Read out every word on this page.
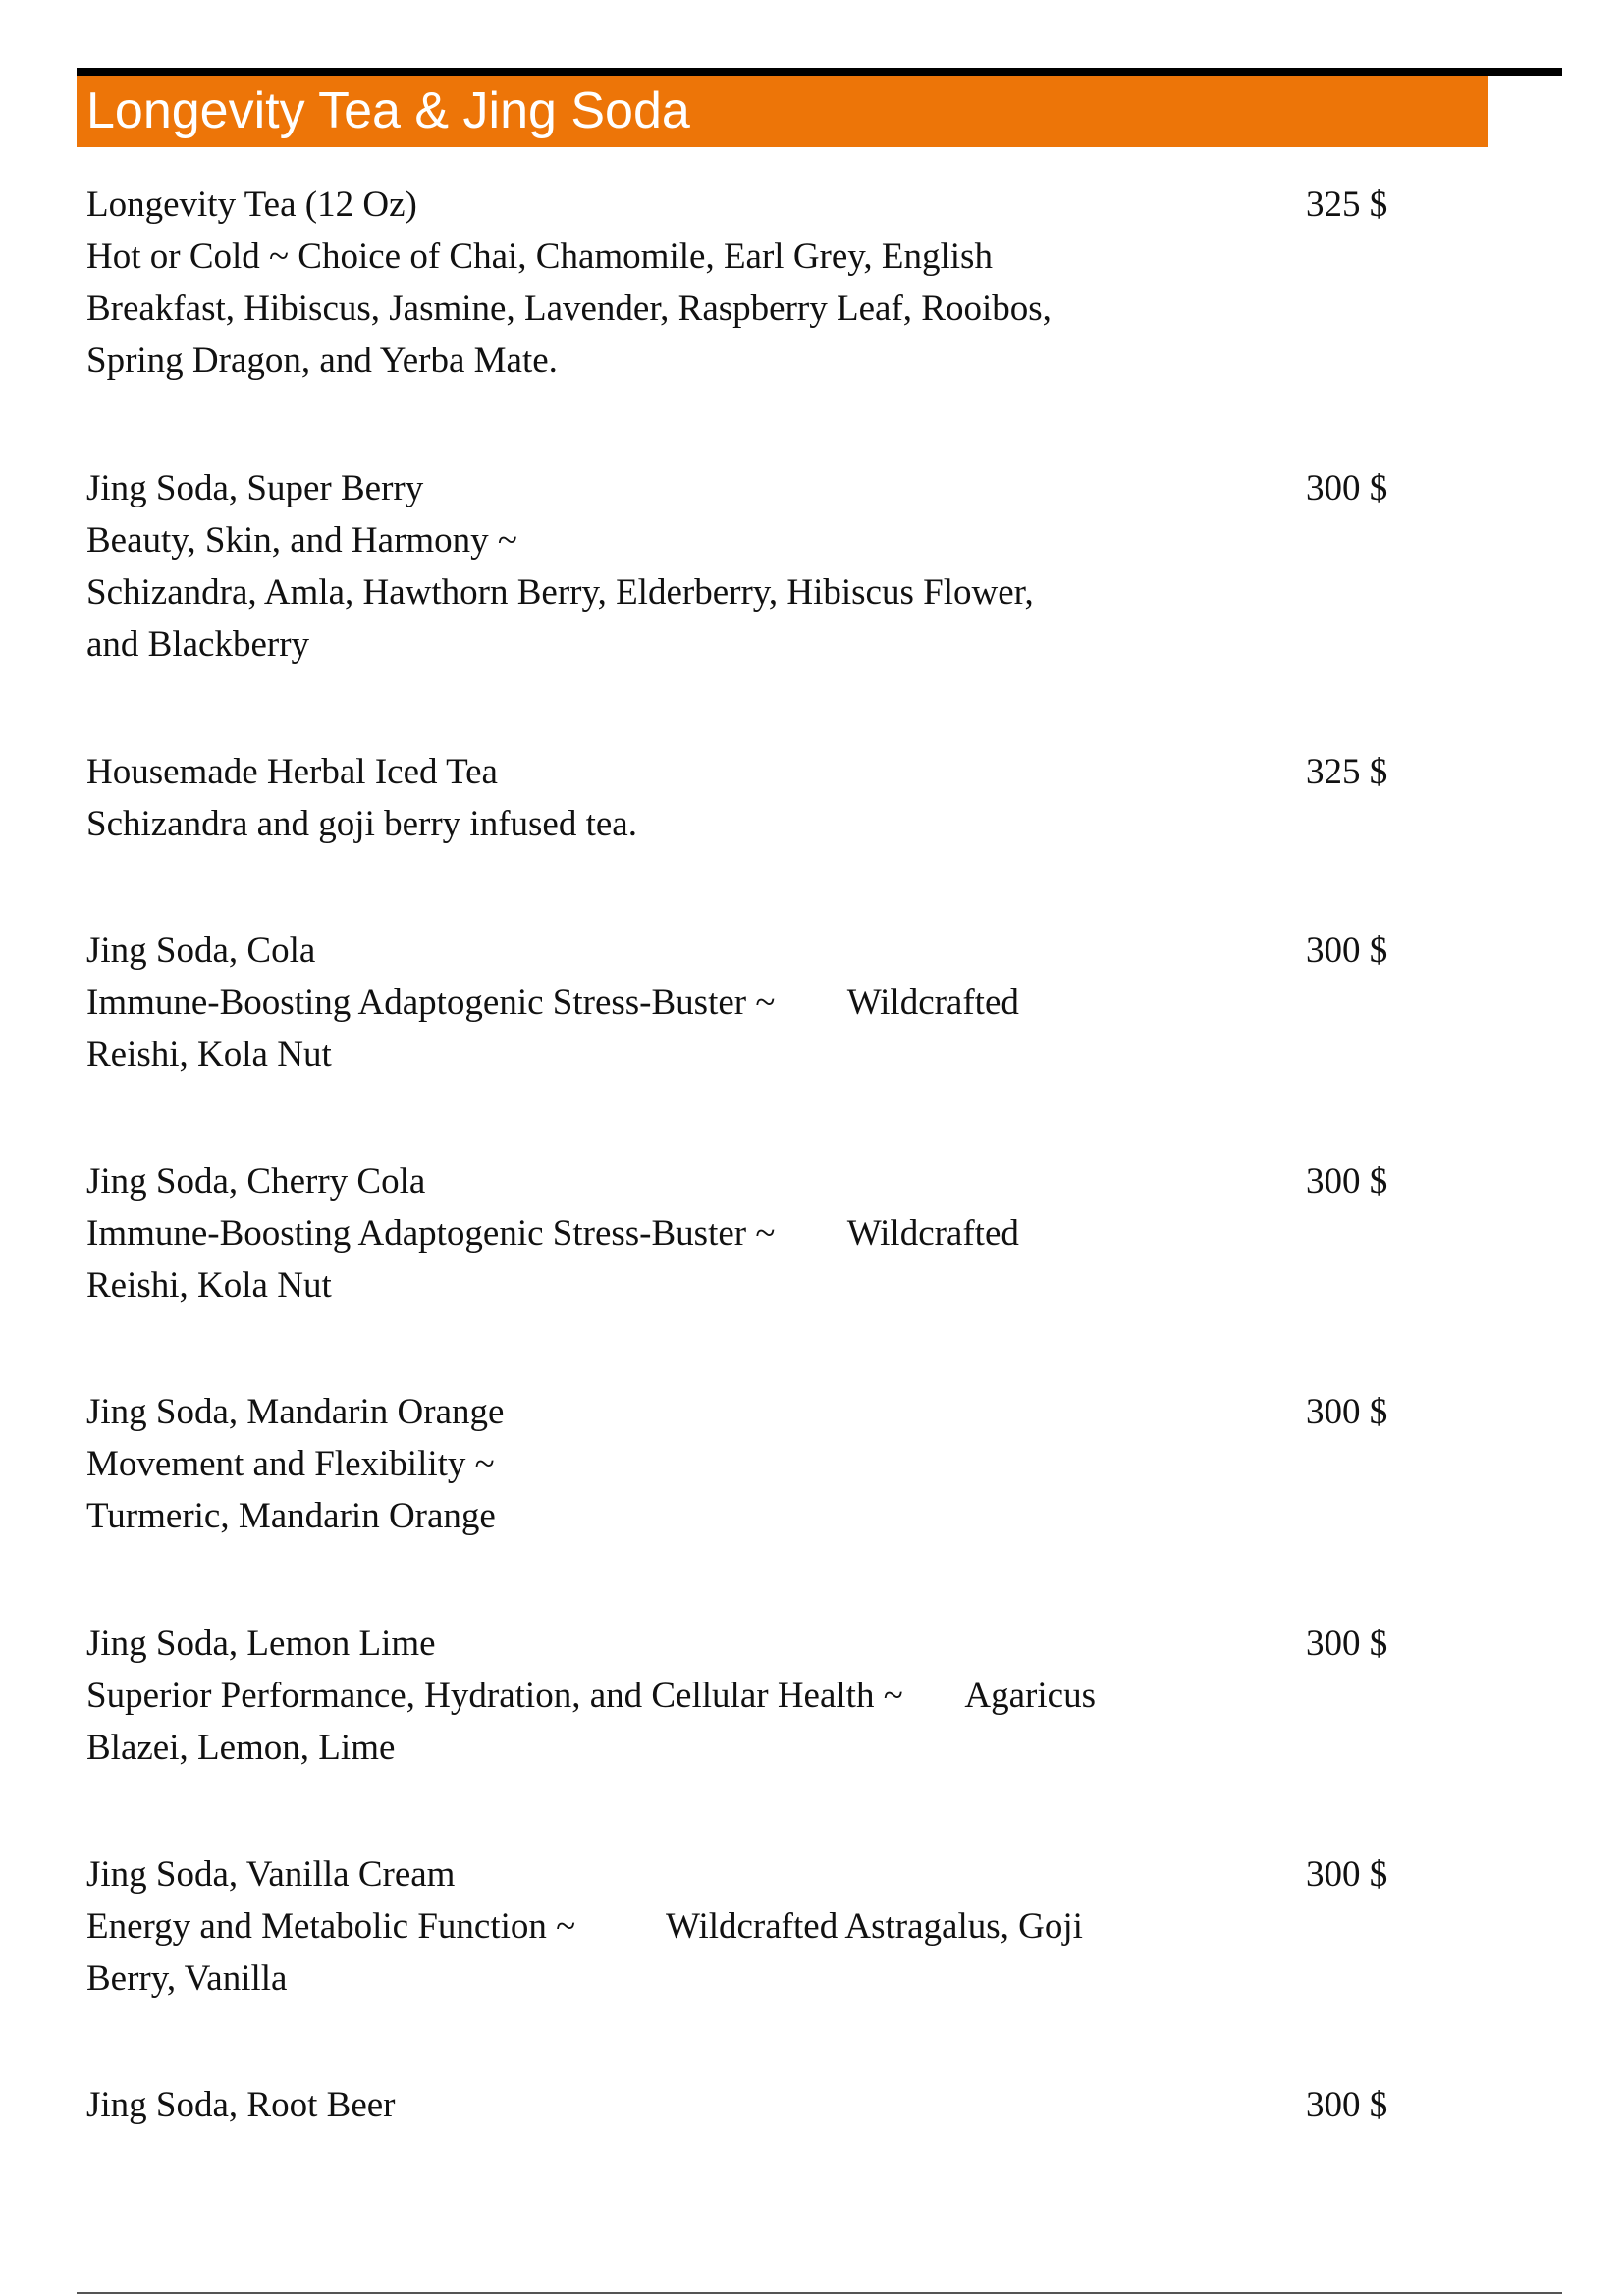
Longevity Tea & Jing Soda
Longevity Tea (12 Oz)
Hot or Cold ~ Choice of Chai, Chamomile, Earl Grey, English
Breakfast, Hibiscus, Jasmine, Lavender, Raspberry Leaf, Rooibos,
Spring Dragon, and Yerba Mate.
325 $
Jing Soda, Super Berry
Beauty, Skin, and Harmony ~
Schizandra, Amla, Hawthorn Berry, Elderberry, Hibiscus Flower,
and Blackberry
300 $
Housemade Herbal Iced Tea
Schizandra and goji berry infused tea.
325 $
Jing Soda, Cola
Immune-Boosting Adaptogenic Stress-Buster ~        Wildcrafted
Reishi, Kola Nut
300 $
Jing Soda, Cherry Cola
Immune-Boosting Adaptogenic Stress-Buster ~        Wildcrafted
Reishi, Kola Nut
300 $
Jing Soda, Mandarin Orange
Movement and Flexibility ~
Turmeric, Mandarin Orange
300 $
Jing Soda, Lemon Lime
Superior Performance, Hydration, and Cellular Health ~       Agaricus
Blazei, Lemon, Lime
300 $
Jing Soda, Vanilla Cream
Energy and Metabolic Function ~          Wildcrafted Astragalus, Goji
Berry, Vanilla
300 $
Jing Soda, Root Beer	300 $
